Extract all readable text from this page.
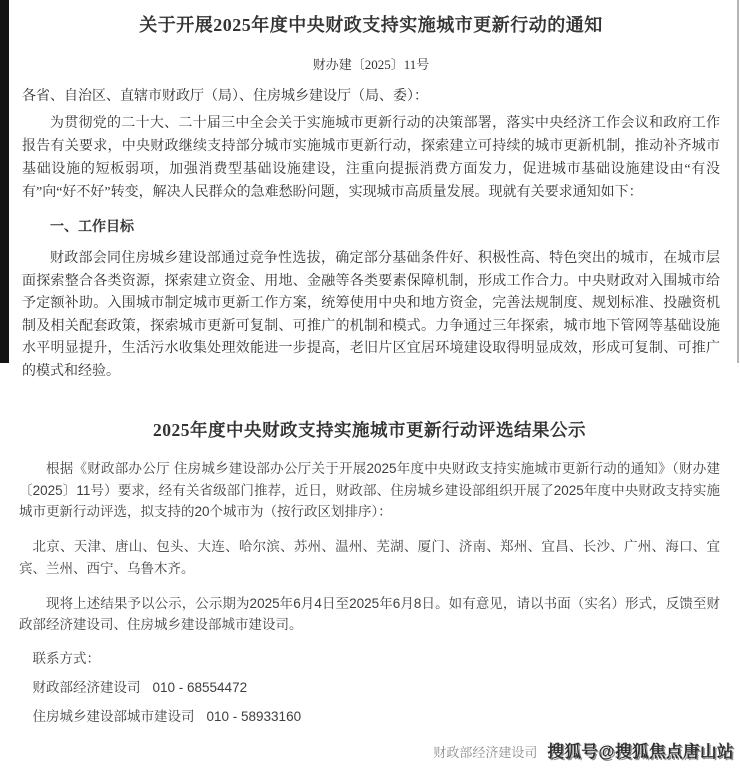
关于开展2025年度中央财政支持实施城市更新行动的通知
财办建〔2025〕11号
各省、自治区、直辖市财政厅（局）、住房城乡建设厅（局、委）：

为贯彻党的二十大、二十届三中全会关于实施城市更新行动的决策部署，落实中央经济工作会议和政府工作报告有关要求，中央财政继续支持部分城市实施城市更新行动，探索建立可持续的城市更新机制，推动补齐城市基础设施的短板弱项，加强消费型基础设施建设，注重向提振消费方面发力，促进城市基础设施建设由“有没有”向“好不好”转变，解决人民群众的急难愁盼问题，实现城市高质量发展。现就有关要求通知如下：

一、工作目标

财政部会同住房城乡建设部通过竞争性选拔，确定部分基础条件好、积极性高、特色突出的城市，在城市层面探索整合各类资源，探索建立资金、用地、金融等各类要素保障机制，形成工作合力。中央财政对入围城市给予定额补助。入围城市制定城市更新工作方案，统筹使用中央和地方资金，完善法规制度、规划标准、投融资机制及相关配套政策，探索城市更新可复制、可推广的机制和模式。力争通过三年探索，城市地下管网等基础设施水平明显提升，生活污水收集处理效能进一步提高，老旧片区宜居环境建设取得明显成效，形成可复制、可推广的模式和经验。

2025年度中央财政支持实施城市更新行动评选结果公示

根据《财政部办公厅 住房城乡建设部办公厅关于开展2025年度中央财政支持实施城市更新行动的通知》（财办建〔2025〕11号）要求，经有关省级部门推荐，近日，财政部、住房城乡建设部组织开展了2025年度中央财政支持实施城市更新行动评选，拟支持的20个城市为（按行政区划排序）：

北京、天津、唐山、包头、大连、哈尔滨、苏州、温州、芜湖、厦门、济南、郑州、宜昌、长沙、广州、海口、宜宾、兰州、西宁、乌鲁木齐。

现将上述结果予以公示，公示期为2025年6月4日至2025年6月8日。如有意见，请以书面（实名）形式，反馈至财政部经济建设司、住房城乡建设部城市建设司。

联系方式：
财政部经济建设司 010 - 68554472
住房城乡建设部城市建设司 010 - 58933160
财政部经济建设司 搜狐号@搜狐焦点唐山站
